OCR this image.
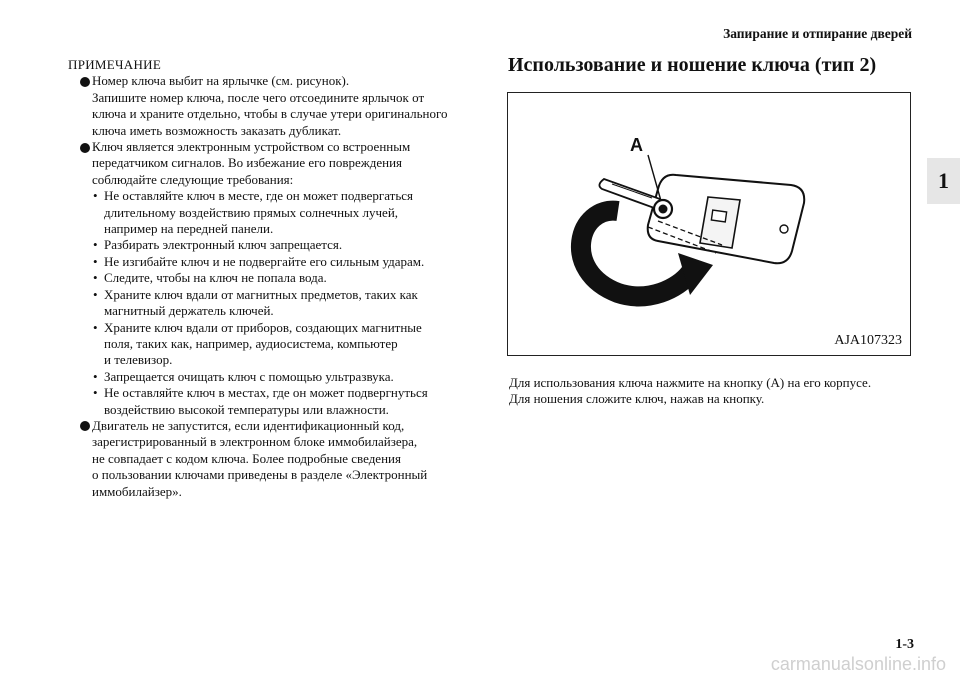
Запирание и отпирание дверей
1
ПРИМЕЧАНИЕ
Номер ключа выбит на ярлычке (см. рисунок).
Запишите номер ключа, после чего отсоедините ярлычок от
ключа и храните отдельно, чтобы в случае утери оригинального
ключа иметь возможность заказать дубликат.
Ключ является электронным устройством со встроенным
передатчиком сигналов. Во избежание его повреждения
соблюдайте следующие требования:
• Не оставляйте ключ в месте, где он может подвергаться
длительному воздействию прямых солнечных лучей,
например на передней панели.
• Разбирать электронный ключ запрещается.
• Не изгибайте ключ и не подвергайте его сильным ударам.
• Следите, чтобы на ключ не попала вода.
• Храните ключ вдали от магнитных предметов, таких как
магнитный держатель ключей.
• Храните ключ вдали от приборов, создающих магнитные
поля, таких как, например, аудиосистема, компьютер
и телевизор.
• Запрещается очищать ключ с помощью ультразвука.
• Не оставляйте ключ в местах, где он может подвергнуться
воздействию высокой температуры или влажности.
Двигатель не запустится, если идентификационный код,
зарегистрированный в электронном блоке иммобилайзера,
не совпадает с кодом ключа. Более подробные сведения
о пользовании ключами приведены в разделе «Электронный
иммобилайзер».
Использование и ношение ключа (тип 2)
A
AJA107323
Для использования ключа нажмите на кнопку (A) на его корпусе.
Для ношения сложите ключ, нажав на кнопку.
1-3
carmanualsonline.info
